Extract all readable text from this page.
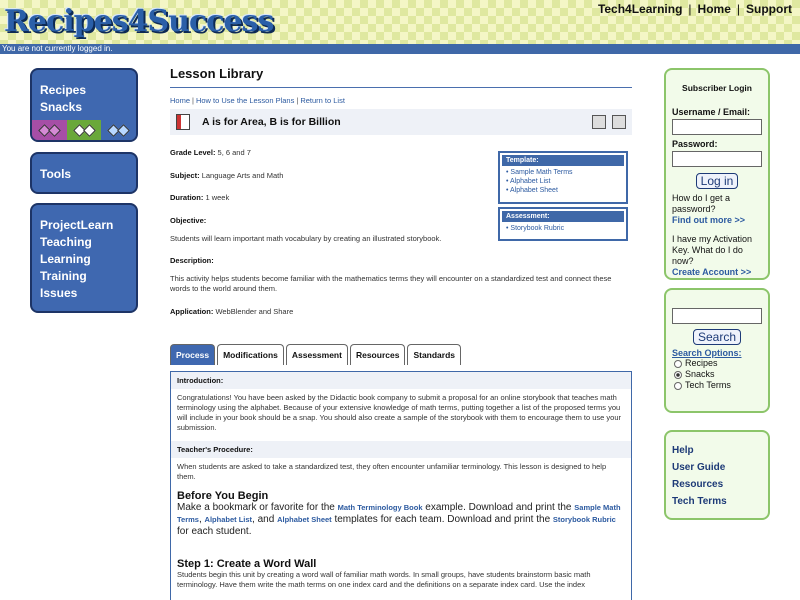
Recipes4Success	Tech4Learning | Home | Support
You are not currently logged in.
Recipes
Snacks
Tools
ProjectLearn
Teaching
Learning
Training
Issues
Lesson Library
Home | How to Use the Lesson Plans | Return to List
A is for Area, B is for Billion
Grade Level: 5, 6 and 7
Subject: Language Arts and Math
Duration: 1 week
Objective:
Students will learn important math vocabulary by creating an illustrated storybook.
Description:
This activity helps students become familiar with the mathematics terms they will encounter on a standardized test and connect these words to the world around them.
Application: WebBlender and Share
Template:
• Sample Math Terms
• Alphabet List
• Alphabet Sheet
Assessment:
• Storybook Rubric
Process	Modifications	Assessment	Resources	Standards
Introduction:
Congratulations! You have been asked by the Didactic book company to submit a proposal for an online storybook that teaches math terminology using the alphabet. Because of your extensive knowledge of math terms, putting together a list of the proposed terms you will include in your book should be a snap. You should also create a sample of the storybook with them to encourage them to use your submission.
Teacher's Procedure:
When students are asked to take a standardized test, they often encounter unfamiliar terminology. This lesson is designed to help them.
Before You Begin
Make a bookmark or favorite for the Math Terminology Book example. Download and print the Sample Math Terms, Alphabet List, and Alphabet Sheet templates for each team. Download and print the Storybook Rubric for each student.
Step 1: Create a Word Wall
Students begin this unit by creating a word wall of familiar math words. In small groups, have students brainstorm basic math terminology. Have them write the math terms on one index card and the definitions on a separate index card. Use the index
Subscriber Login
Username / Email:
Password:
Log in
How do I get a password?
Find out more >>
I have my Activation Key. What do I do now?
Create Account >>
Search
Search Options:
Recipes
Snacks
Tech Terms
Help
User Guide
Resources
Tech Terms
